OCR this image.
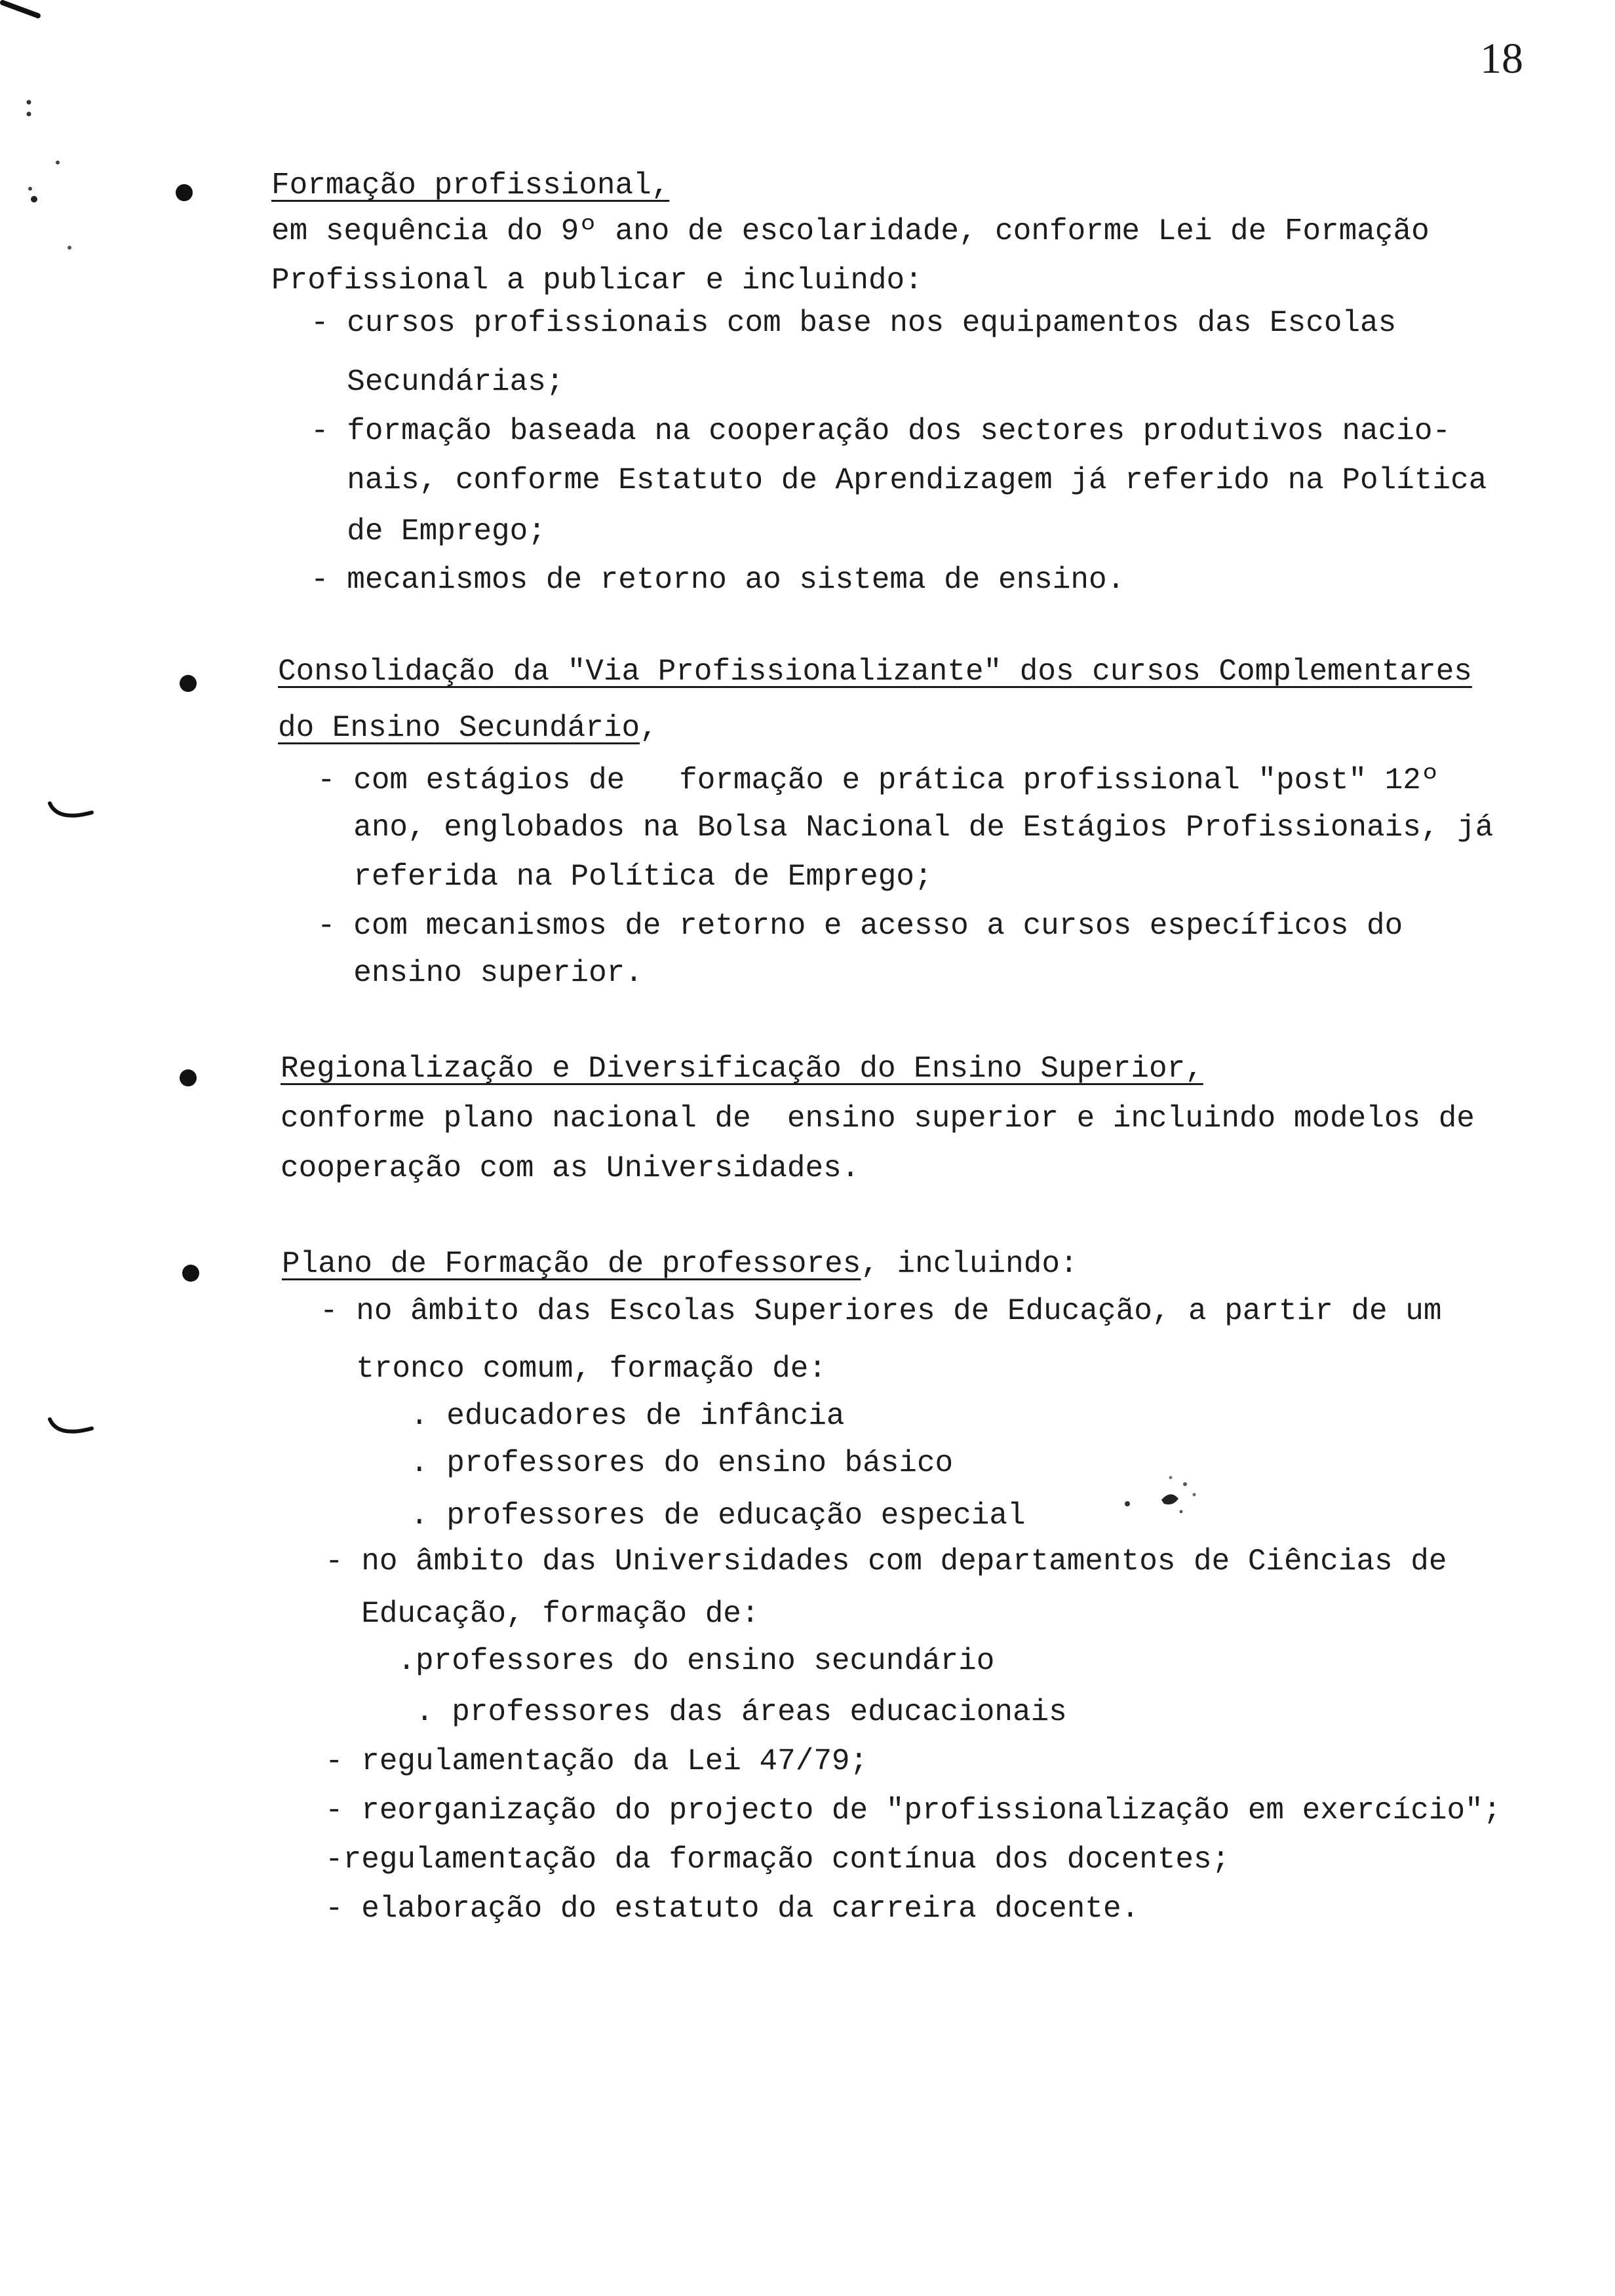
18
Formação profissional,
em sequência do 9º ano de escolaridade, conforme Lei de Formação
Profissional a publicar e incluindo:
- cursos profissionais com base nos equipamentos das Escolas
Secundárias;
- formação baseada na cooperação dos sectores produtivos nacio-
nais, conforme Estatuto de Aprendizagem já referido na Política
de Emprego;
- mecanismos de retorno ao sistema de ensino.
Consolidação da "Via Profissionalizante" dos cursos Complementares
do Ensino Secundário,
- com estágios de   formação e prática profissional "post" 12º
ano, englobados na Bolsa Nacional de Estágios Profissionais, já
referida na Política de Emprego;
- com mecanismos de retorno e acesso a cursos específicos do
ensino superior.
Regionalização e Diversificação do Ensino Superior,
conforme plano nacional de  ensino superior e incluindo modelos de
cooperação com as Universidades.
Plano de Formação de professores, incluindo:
- no âmbito das Escolas Superiores de Educação, a partir de um
tronco comum, formação de:
. educadores de infância
. professores do ensino básico
. professores de educação especial
- no âmbito das Universidades com departamentos de Ciências de
Educação, formação de:
.professores do ensino secundário
. professores das áreas educacionais
- regulamentação da Lei 47/79;
- reorganização do projecto de "profissionalização em exercício";
-regulamentação da formação contínua dos docentes;
- elaboração do estatuto da carreira docente.
